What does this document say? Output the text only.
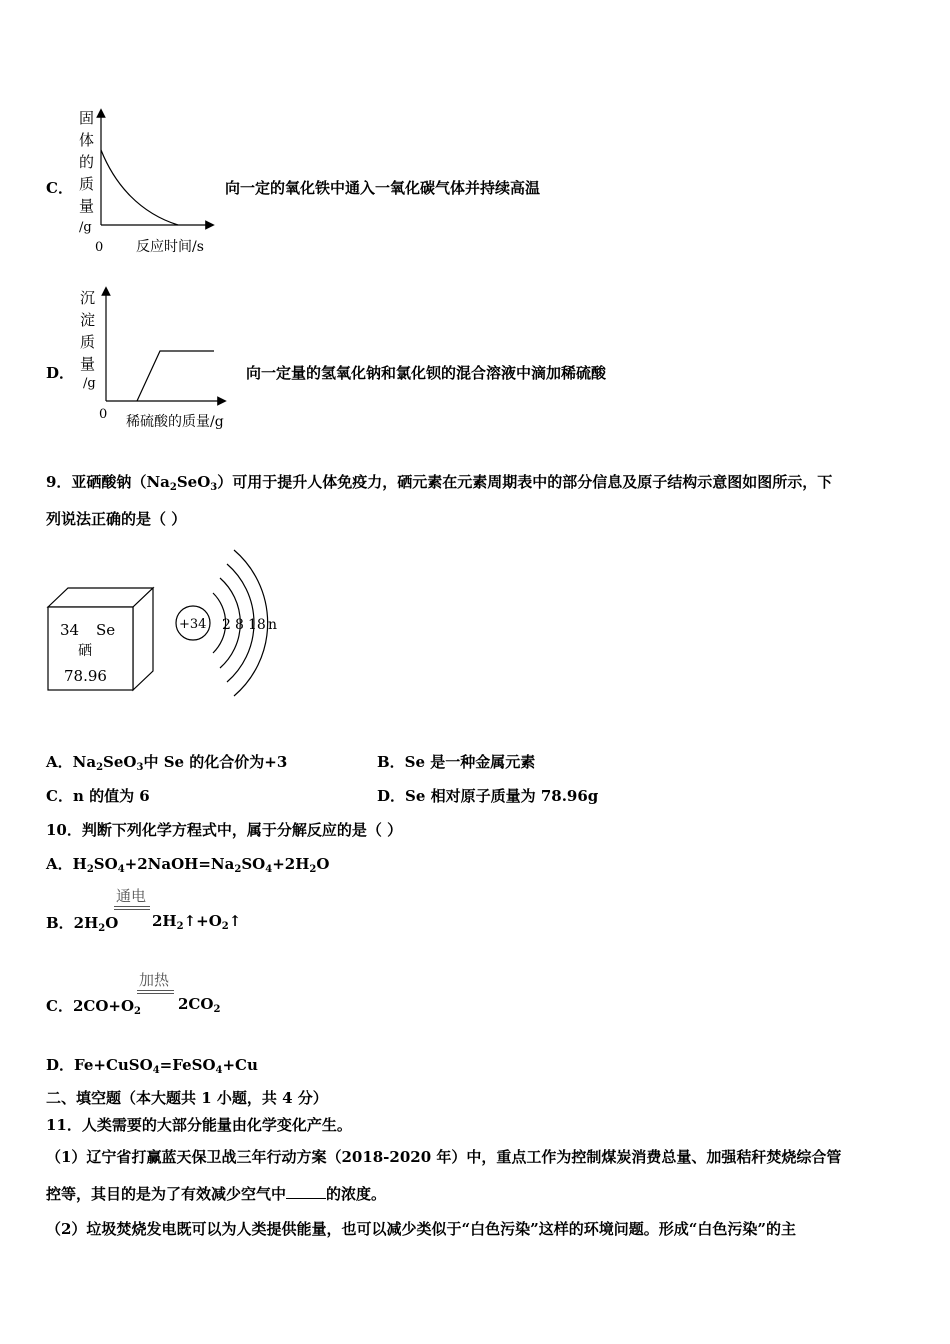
C．
固
体
的
质
量
/g
0 反应时间/s
向一定的氧化铁中通入一氧化碳气体并持续高温
D．
沉
淀
质
量
/g
0 稀硫酸的质量/g
向一定量的氢氧化钠和氯化钡的混合溶液中滴加稀硫酸
9．亚硒酸钠$(Na_2SeO_3)$可用于提升人体免疫力，硒元素在元素周期表中的部分信息及原子结构示意图如图所示，下
列说法正确的是（ ）
34 Se
硒
78.96
+34 2 8 18 n
A．$Na_2SeO_3$中 Se 的化合价为+3	B．Se 是一种金属元素
C．n 的值为 6	D．Se 相对原子质量为 78.96g
10．判断下列化学方程式中，属于分解反应的是（ ）
A．$H_2SO_4+2NaOH=Na_2SO_4+2H_2O$
B．$2H_2O$
通电
$2H_2↑+O_2↑$
C．$2CO+O_2$
加热
$2CO_2$
D．Fe+CuSO$_4$=FeSO$_4$+Cu
二、填空题（本大题共 1 小题，共 4 分）
11．人类需要的大部分能量由化学变化产生。
（1）辽宁省打赢蓝天保卫战三年行动方案（2018-2020 年）中，重点工作为控制煤炭消费总量、加强秸秆焚烧综合管
控等，其目的是为了有效减少空气中	的浓度。
（2）垃圾焚烧发电既可以为人类提供能量，也可以减少类似于“白色污染”这样的环境问题。形成“白色污染”的主
